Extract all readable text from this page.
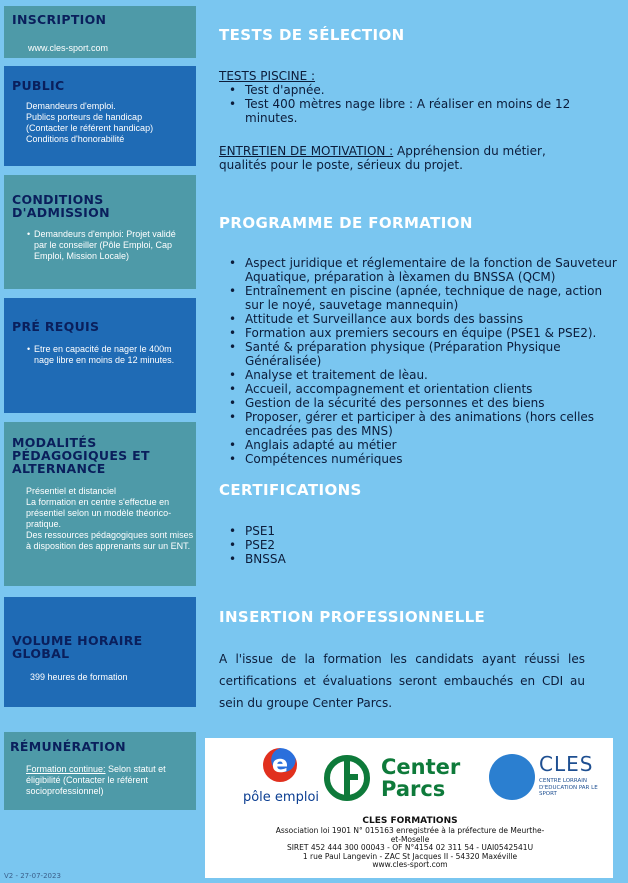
INSCRIPTION
www.cles-sport.com
PUBLIC
Demandeurs d'emploi.
Publics porteurs de handicap
(Contacter le référent handicap)
Conditions d'honorabilité
CONDITIONS
D'ADMISSION
• Demandeurs d'emploi: Projet validé par le conseiller (Pôle Emploi, Cap Emploi, Mission Locale)
PRÉ REQUIS
• Etre en capacité de nager le 400m nage libre en moins de 12 minutes.
MODALITÉS
PÉDAGOGIQUES ET
ALTERNANCE
Présentiel et distanciel
La formation en centre s'effectue en présentiel selon un modèle théorico-pratique.
Des ressources pédagogiques sont mises à disposition des apprenants sur un ENT.
VOLUME HORAIRE
GLOBAL
399 heures de formation
RÉMUNÉRATION
Formation continue: Selon statut et éligibilité (Contacter le référent socioprofessionnel)
TESTS DE SÉLECTION
TESTS PISCINE :
• Test d'apnée.
• Test 400 mètres nage libre : A réaliser en moins de 12 minutes.
ENTRETIEN DE MOTIVATION : Appréhension du métier, qualités pour le poste, sérieux du projet.
PROGRAMME DE FORMATION
• Aspect juridique et réglementaire de la fonction de Sauveteur Aquatique, préparation à lèxamen du BNSSA (QCM)
• Entraînement en piscine (apnée, technique de nage, action sur le noyé, sauvetage mannequin)
• Attitude et Surveillance aux bords des bassins
• Formation aux premiers secours en équipe (PSE1 & PSE2).
• Santé & préparation physique (Préparation Physique Généralisée)
• Analyse et traitement de lèau.
• Accueil, accompagnement et orientation clients
• Gestion de la sécurité des personnes et des biens
• Proposer, gérer et participer à des animations (hors celles encadrées pas des MNS)
• Anglais adapté au métier
• Compétences numériques
CERTIFICATIONS
• PSE1
• PSE2
• BNSSA
INSERTION PROFESSIONNELLE
A l'issue de la formation les candidats ayant réussi les certifications et évaluations seront embauchés en CDI au sein du groupe Center Parcs.
e
pôle emploi
Center
Parcs
CLES
CENTRE LORRAIN D'EDUCATION PAR LE SPORT
CLES FORMATIONS
Association loi 1901 N° 015163 enregistrée à la préfecture de Meurthe-et-Moselle
SIRET 452 444 300 00043 - OF N°4154 02 311 54 - UAI0542541U
1 rue Paul Langevin - ZAC St Jacques II - 54320 Maxéville
www.cles-sport.com
V2 - 27-07-2023
